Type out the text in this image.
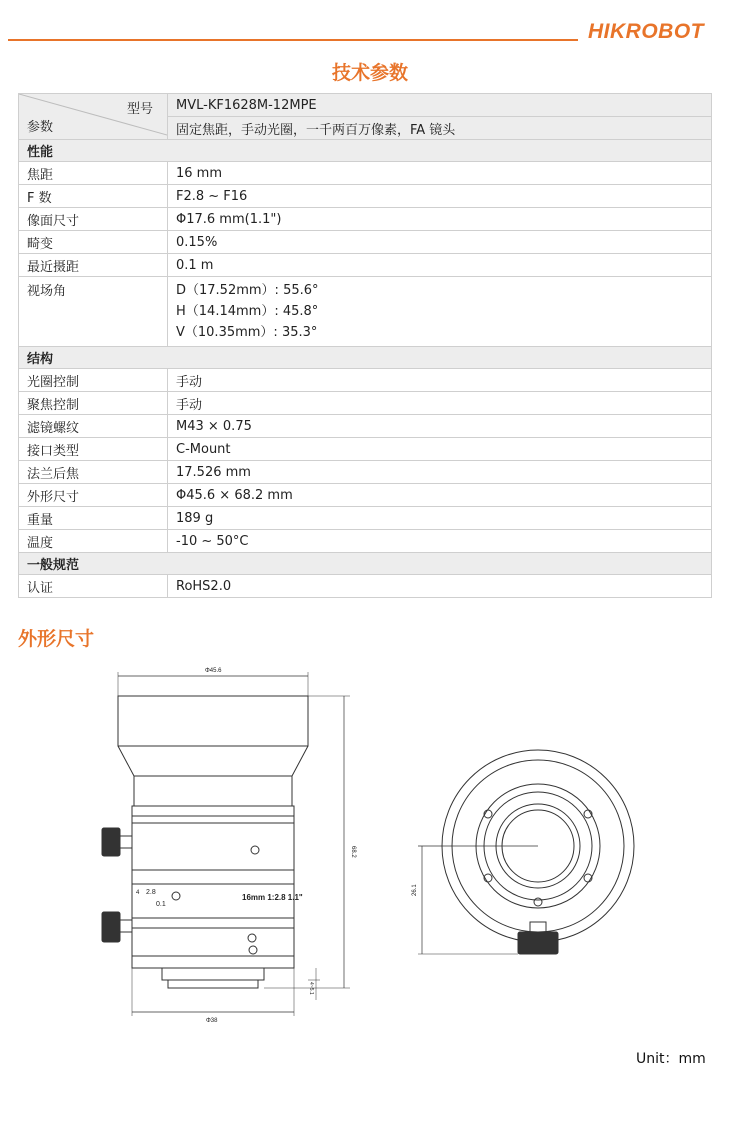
HIKROBOT
技术参数
型号
参数	MVL-KF1628M-12MPE
	固定焦距，手动光圈，一千两百万像素，FA 镜头
性能	
焦距	16 mm

F 数	F2.8 ~ F16

像面尺寸	Φ17.6 mm(1.1")

畸变	0.15%

最近摄距	0.1 m

视场角	D（17.52mm）: 55.6°
H（14.14mm）: 45.8°
V（10.35mm）: 35.3°

结构	
光圈控制	手动

聚焦控制	手动

滤镜螺纹	M43 × 0.75

接口类型	C-Mount

法兰后焦	17.526 mm

外形尺寸	Φ45.6 × 68.2 mm

重量	189 g

温度	-10 ~ 50°C

一般规范	
认证	RoHS2.0
外形尺寸
Φ45.6
68.2
Φ38
4~5.1
26.1
16mm 1:2.8 1.1"
2.8
4
0.1
Unit：mm
